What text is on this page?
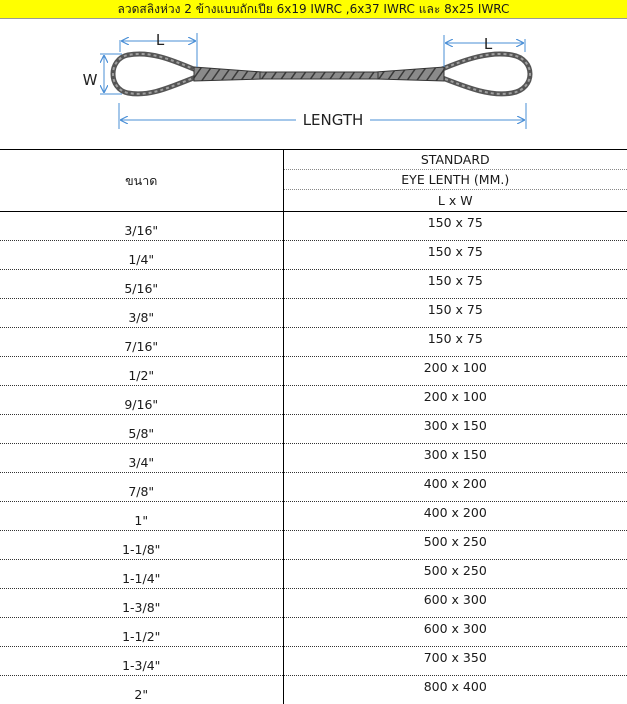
ลวดสลิงห่วง 2 ข้างแบบถักเปีย 6x19 IWRC ,6x37 IWRC และ 8x25 IWRC
L	L
W
LENGTH
ขนาด	STANDARD
	EYE LENTH (MM.)
	L x W
3/16"	150 x 75
1/4"	150 x 75
5/16"	150 x 75
3/8"	150 x 75
7/16"	150 x 75
1/2"	200 x 100
9/16"	200 x 100
5/8"	300 x 150
3/4"	300 x 150
7/8"	400 x 200
1"	400 x 200
1-1/8"	500 x 250
1-1/4"	500 x 250
1-3/8"	600 x 300
1-1/2"	600 x 300
1-3/4"	700 x 350
2"	800 x 400
